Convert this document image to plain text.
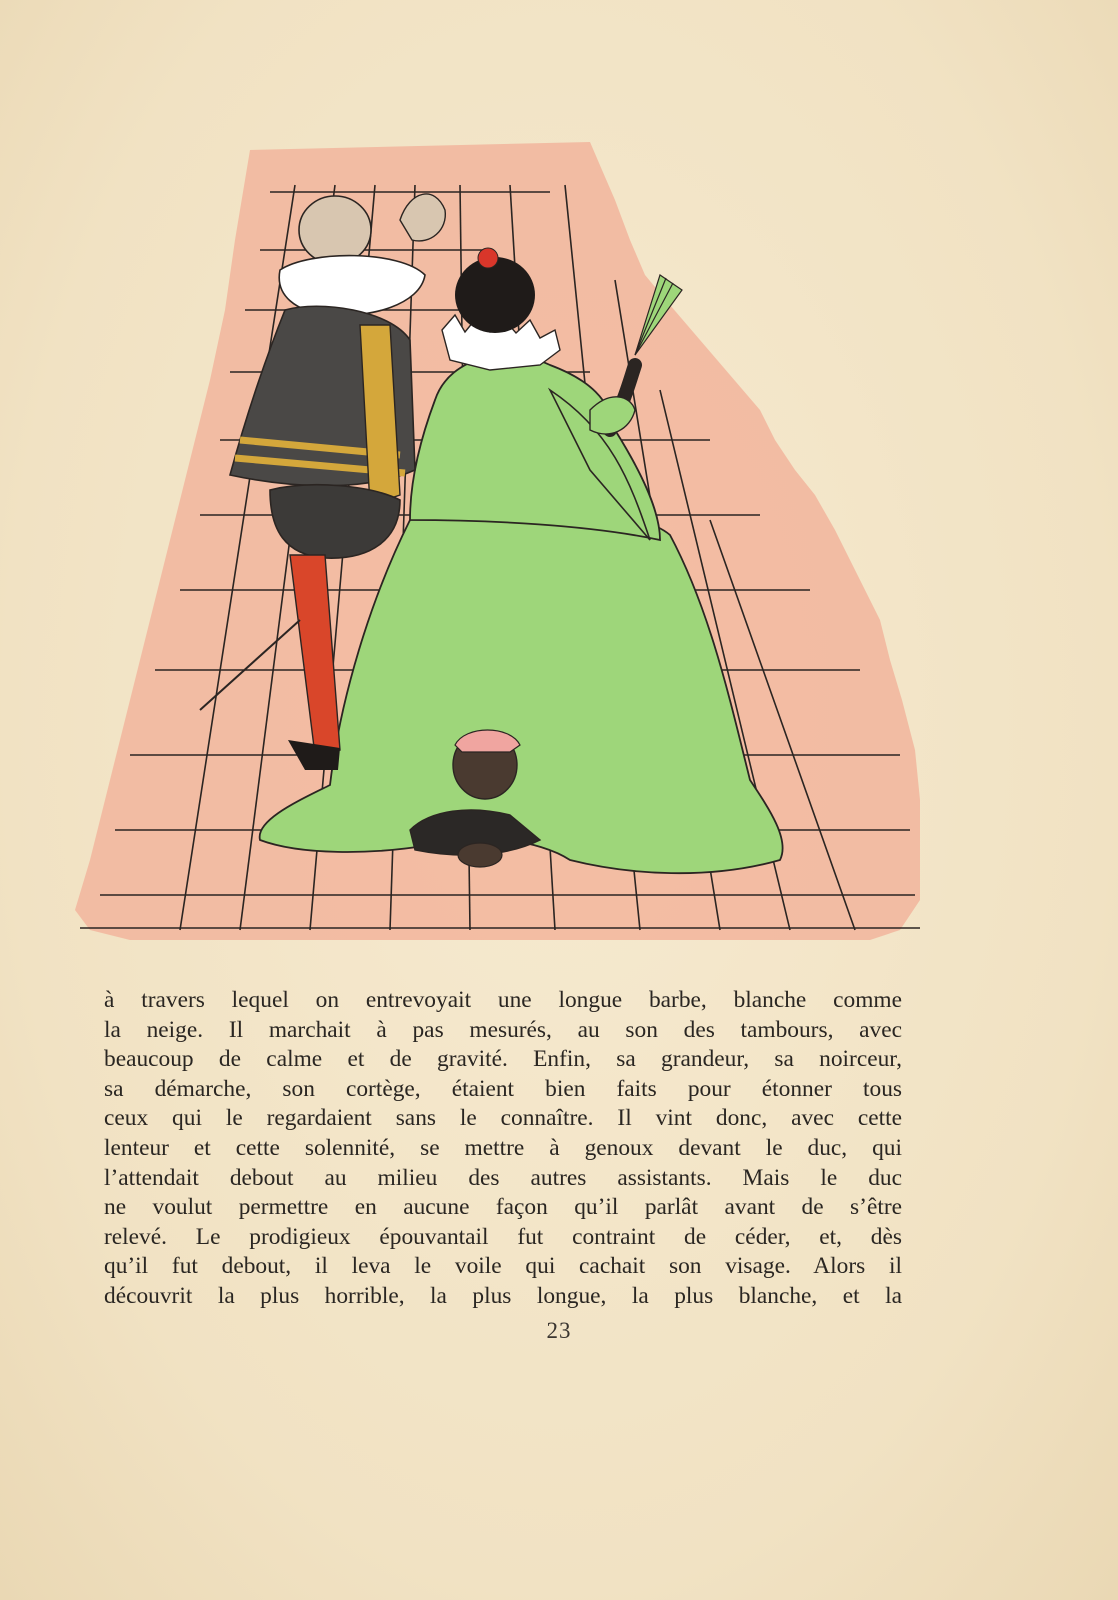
à travers lequel on entrevoyait une longue barbe, blanche comme
la neige. Il marchait à pas mesurés, au son des tambours, avec
beaucoup de calme et de gravité. Enfin, sa grandeur, sa noirceur,
sa démarche, son cortège, étaient bien faits pour étonner tous
ceux qui le regardaient sans le connaître. Il vint donc, avec cette
lenteur et cette solennité, se mettre à genoux devant le duc, qui
l’attendait debout au milieu des autres assistants. Mais le duc
ne voulut permettre en aucune façon qu’il parlât avant de s’être
relevé. Le prodigieux épouvantail fut contraint de céder, et, dès
qu’il fut debout, il leva le voile qui cachait son visage. Alors il
découvrit la plus horrible, la plus longue, la plus blanche, et la
23
